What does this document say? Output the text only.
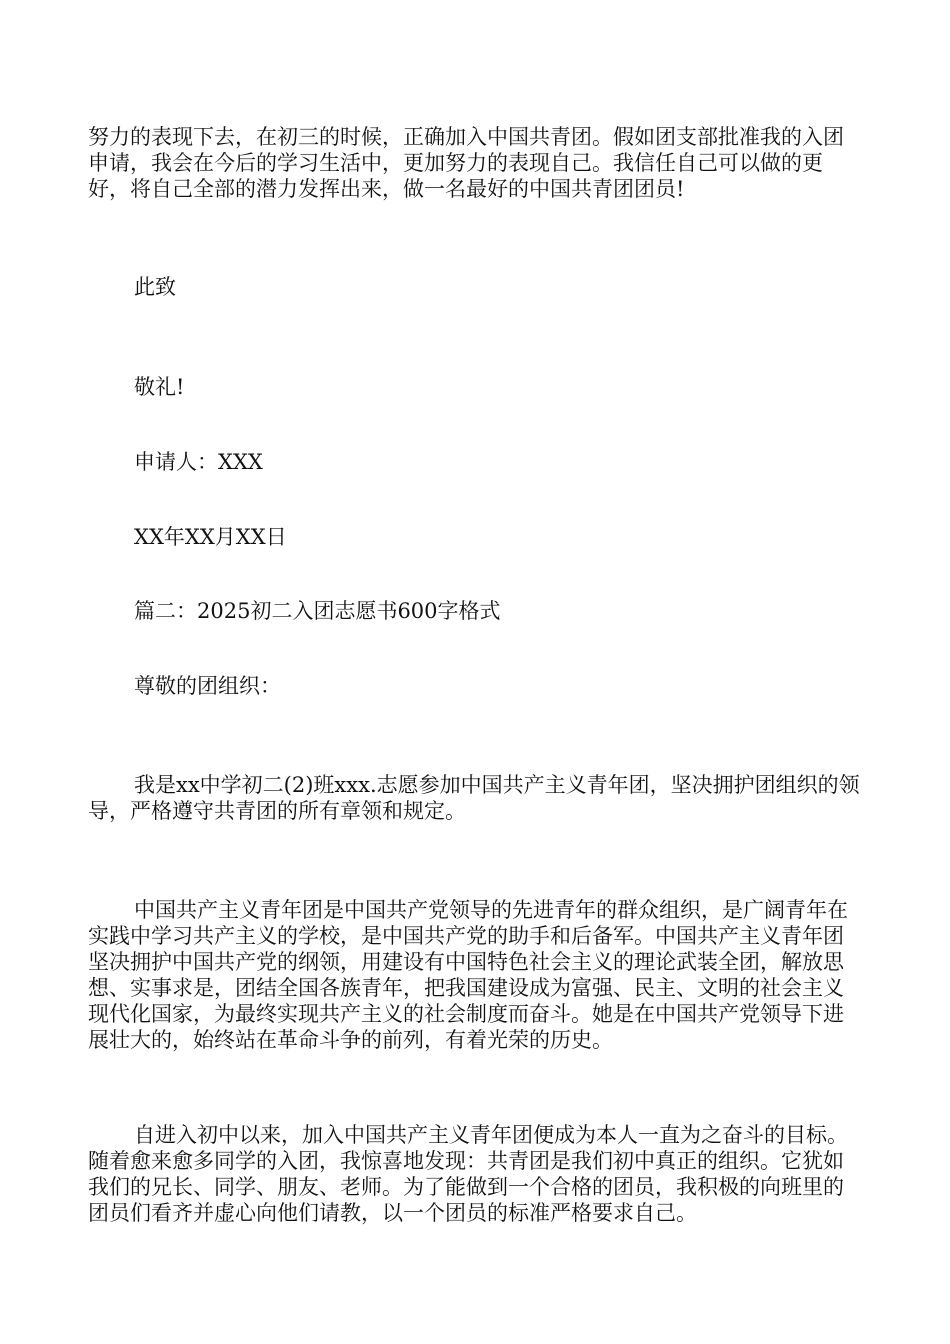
努力的表现下去，在初三的时候，正确加入中国共青团。假如团支部批准我的入团申请，我会在今后的学习生活中，更加努力的表现自己。我信任自己可以做的更好，将自己全部的潜力发挥出来，做一名最好的中国共青团团员!

此致

敬礼!

申请人：XXX

XX年XX月XX日

篇二：2025初二入团志愿书600字格式

尊敬的团组织：

我是xx中学初二(2)班xxx.志愿参加中国共产主义青年团，坚决拥护团组织的领导，严格遵守共青团的所有章领和规定。

中国共产主义青年团是中国共产党领导的先进青年的群众组织，是广阔青年在实践中学习共产主义的学校，是中国共产党的助手和后备军。中国共产主义青年团坚决拥护中国共产党的纲领，用建设有中国特色社会主义的理论武装全团，解放思想、实事求是，团结全国各族青年，把我国建设成为富强、民主、文明的社会主义现代化国家，为最终实现共产主义的社会制度而奋斗。她是在中国共产党领导下进展壮大的，始终站在革命斗争的前列，有着光荣的历史。

自进入初中以来，加入中国共产主义青年团便成为本人一直为之奋斗的目标。随着愈来愈多同学的入团，我惊喜地发现：共青团是我们初中真正的组织。它犹如我们的兄长、同学、朋友、老师。为了能做到一个合格的团员，我积极的向班里的团员们看齐并虚心向他们请教，以一个团员的标准严格要求自己。
